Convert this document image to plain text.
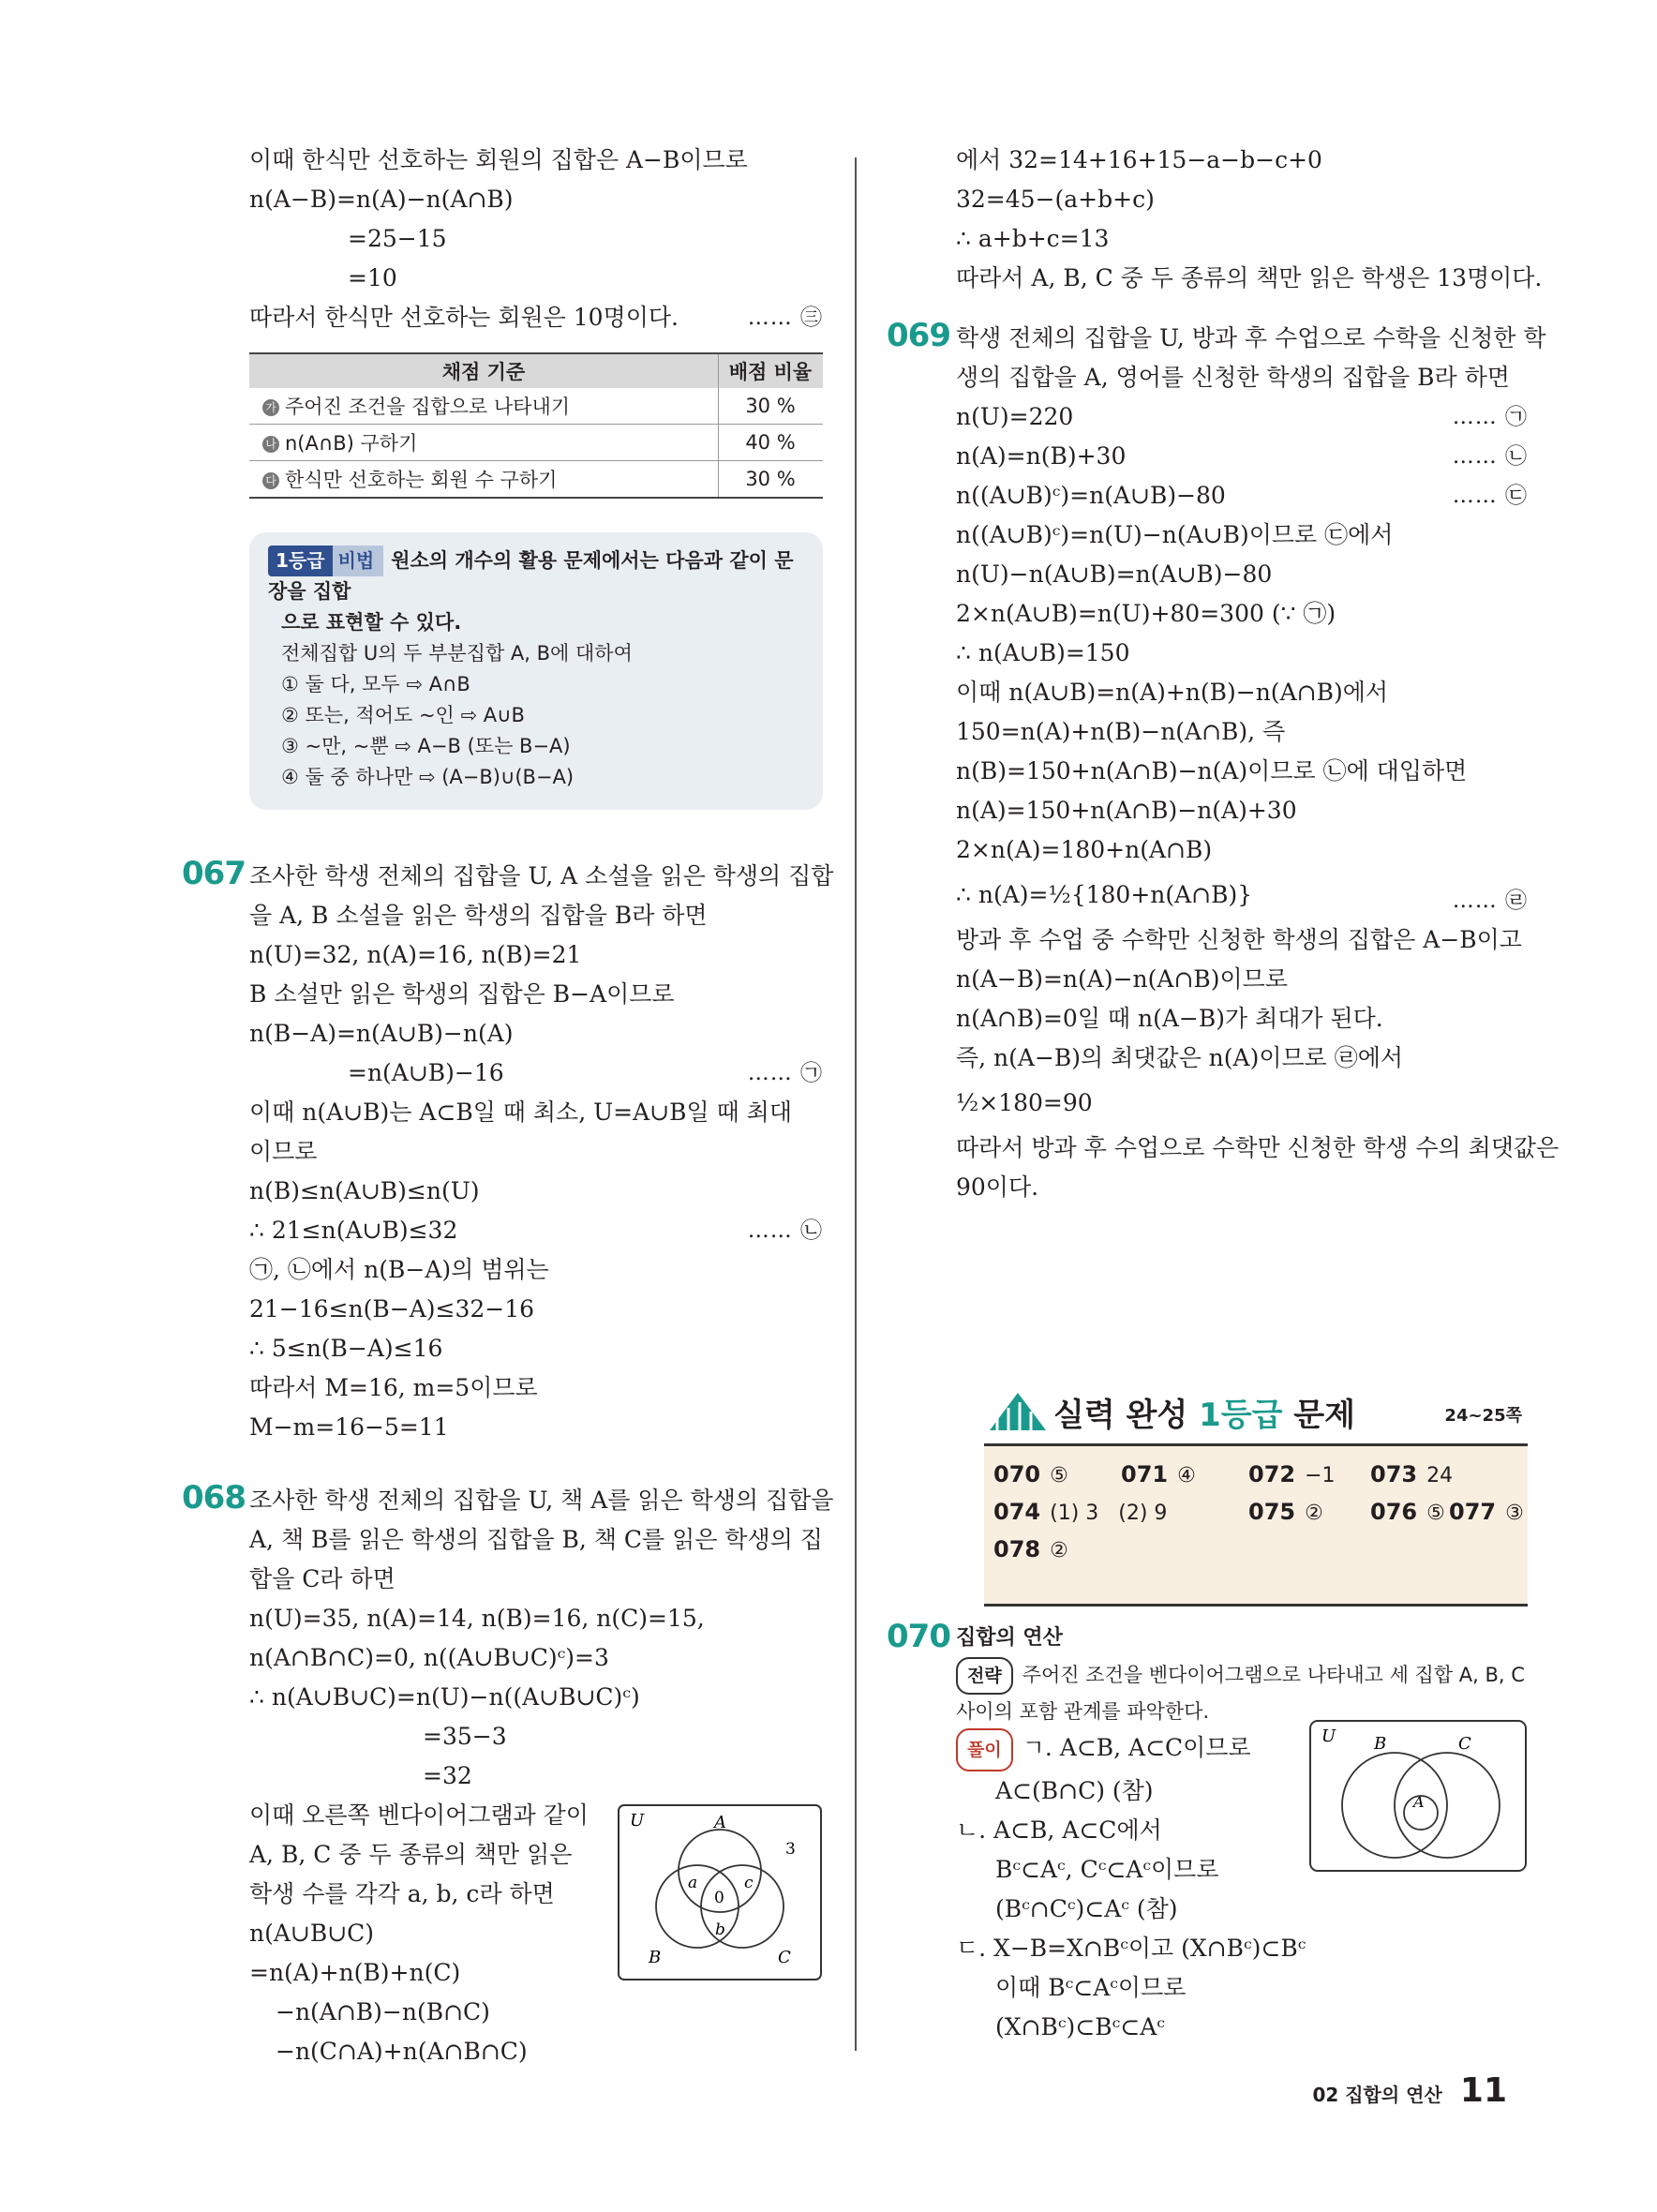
이때 한식만 선호하는 회원의 집합은 A−B이므로
n(A−B)=n(A)−n(A∩B)
=25−15
=10
따라서 한식만 선호하는 회원은 10명이다.	…… ㊂
채점 기준	배점 비율
가 주어진 조건을 집합으로 나타내기	30 %
나 n(A∩B) 구하기	40 %
다 한식만 선호하는 회원 수 구하기	30 %
1등급 비법 원소의 개수의 활용 문제에서는 다음과 같이 문장을 집합
으로 표현할 수 있다.
전체집합 U의 두 부분집합 A, B에 대하여
① 둘 다, 모두 ⇨ A∩B
② 또는, 적어도 ~인 ⇨ A∪B
③ ~만, ~뿐 ⇨ A−B (또는 B−A)
④ 둘 중 하나만 ⇨ (A−B)∪(B−A)
067 조사한 학생 전체의 집합을 U, A 소설을 읽은 학생의 집합
을 A, B 소설을 읽은 학생의 집합을 B라 하면
n(U)=32, n(A)=16, n(B)=21
B 소설만 읽은 학생의 집합은 B−A이므로
n(B−A)=n(A∪B)−n(A)
=n(A∪B)−16	…… ㉠
이때 n(A∪B)는 A⊂B일 때 최소, U=A∪B일 때 최대
이므로
n(B)≤n(A∪B)≤n(U)
∴ 21≤n(A∪B)≤32	…… ㉡
㉠, ㉡에서 n(B−A)의 범위는
21−16≤n(B−A)≤32−16
∴ 5≤n(B−A)≤16
따라서 M=16, m=5이므로
M−m=16−5=11
068 조사한 학생 전체의 집합을 U, 책 A를 읽은 학생의 집합을
A, 책 B를 읽은 학생의 집합을 B, 책 C를 읽은 학생의 집
합을 C라 하면
n(U)=35, n(A)=14, n(B)=16, n(C)=15,
n(A∩B∩C)=0, n((A∪B∪C)ᶜ)=3
∴ n(A∪B∪C)=n(U)−n((A∪B∪C)ᶜ)
=35−3
=32
이때 오른쪽 벤다이어그램과 같이
A, B, C 중 두 종류의 책만 읽은
학생 수를 각각 a, b, c라 하면
n(A∪B∪C)
=n(A)+n(B)+n(C)
−n(A∩B)−n(B∩C)
−n(C∩A)+n(A∩B∩C)
U	A
B	C
a	c
b
0
3
에서 32=14+16+15−a−b−c+0
32=45−(a+b+c)
∴ a+b+c=13
따라서 A, B, C 중 두 종류의 책만 읽은 학생은 13명이다.
069 학생 전체의 집합을 U, 방과 후 수업으로 수학을 신청한 학
생의 집합을 A, 영어를 신청한 학생의 집합을 B라 하면
n(U)=220	…… ㉠
n(A)=n(B)+30	…… ㉡
n((A∪B)ᶜ)=n(A∪B)−80	…… ㉢
n((A∪B)ᶜ)=n(U)−n(A∪B)이므로 ㉢에서
n(U)−n(A∪B)=n(A∪B)−80
2×n(A∪B)=n(U)+80=300 (∵ ㉠)
∴ n(A∪B)=150
이때 n(A∪B)=n(A)+n(B)−n(A∩B)에서
150=n(A)+n(B)−n(A∩B), 즉
n(B)=150+n(A∩B)−n(A)이므로 ㉡에 대입하면
n(A)=150+n(A∩B)−n(A)+30
2×n(A)=180+n(A∩B)
∴ n(A)=½{180+n(A∩B)}	…… ㉣
방과 후 수업 중 수학만 신청한 학생의 집합은 A−B이고
n(A−B)=n(A)−n(A∩B)이므로
n(A∩B)=0일 때 n(A−B)가 최대가 된다.
즉, n(A−B)의 최댓값은 n(A)이므로 ㉣에서
½×180=90
따라서 방과 후 수업으로 수학만 신청한 학생 수의 최댓값은
90이다.
실력 완성 1등급 문제	24~25쪽
070 ⑤ 071 ④ 072 −1 073 24
074 (1) 3   (2) 9	075 ② 076 ⑤ 077 ③
078 ②
070 집합의 연산
전략 주어진 조건을 벤다이어그램으로 나타내고 세 집합 A, B, C
사이의 포함 관계를 파악한다.
풀이 ㄱ. A⊂B, A⊂C이므로
A⊂(B∩C) (참)
ㄴ. A⊂B, A⊂C에서
Bᶜ⊂Aᶜ, Cᶜ⊂Aᶜ이므로
(Bᶜ∩Cᶜ)⊂Aᶜ (참)
ㄷ. X−B=X∩Bᶜ이고 (X∩Bᶜ)⊂Bᶜ
이때 Bᶜ⊂Aᶜ이므로
(X∩Bᶜ)⊂Bᶜ⊂Aᶜ
U B	C
A
02 집합의 연산 11
